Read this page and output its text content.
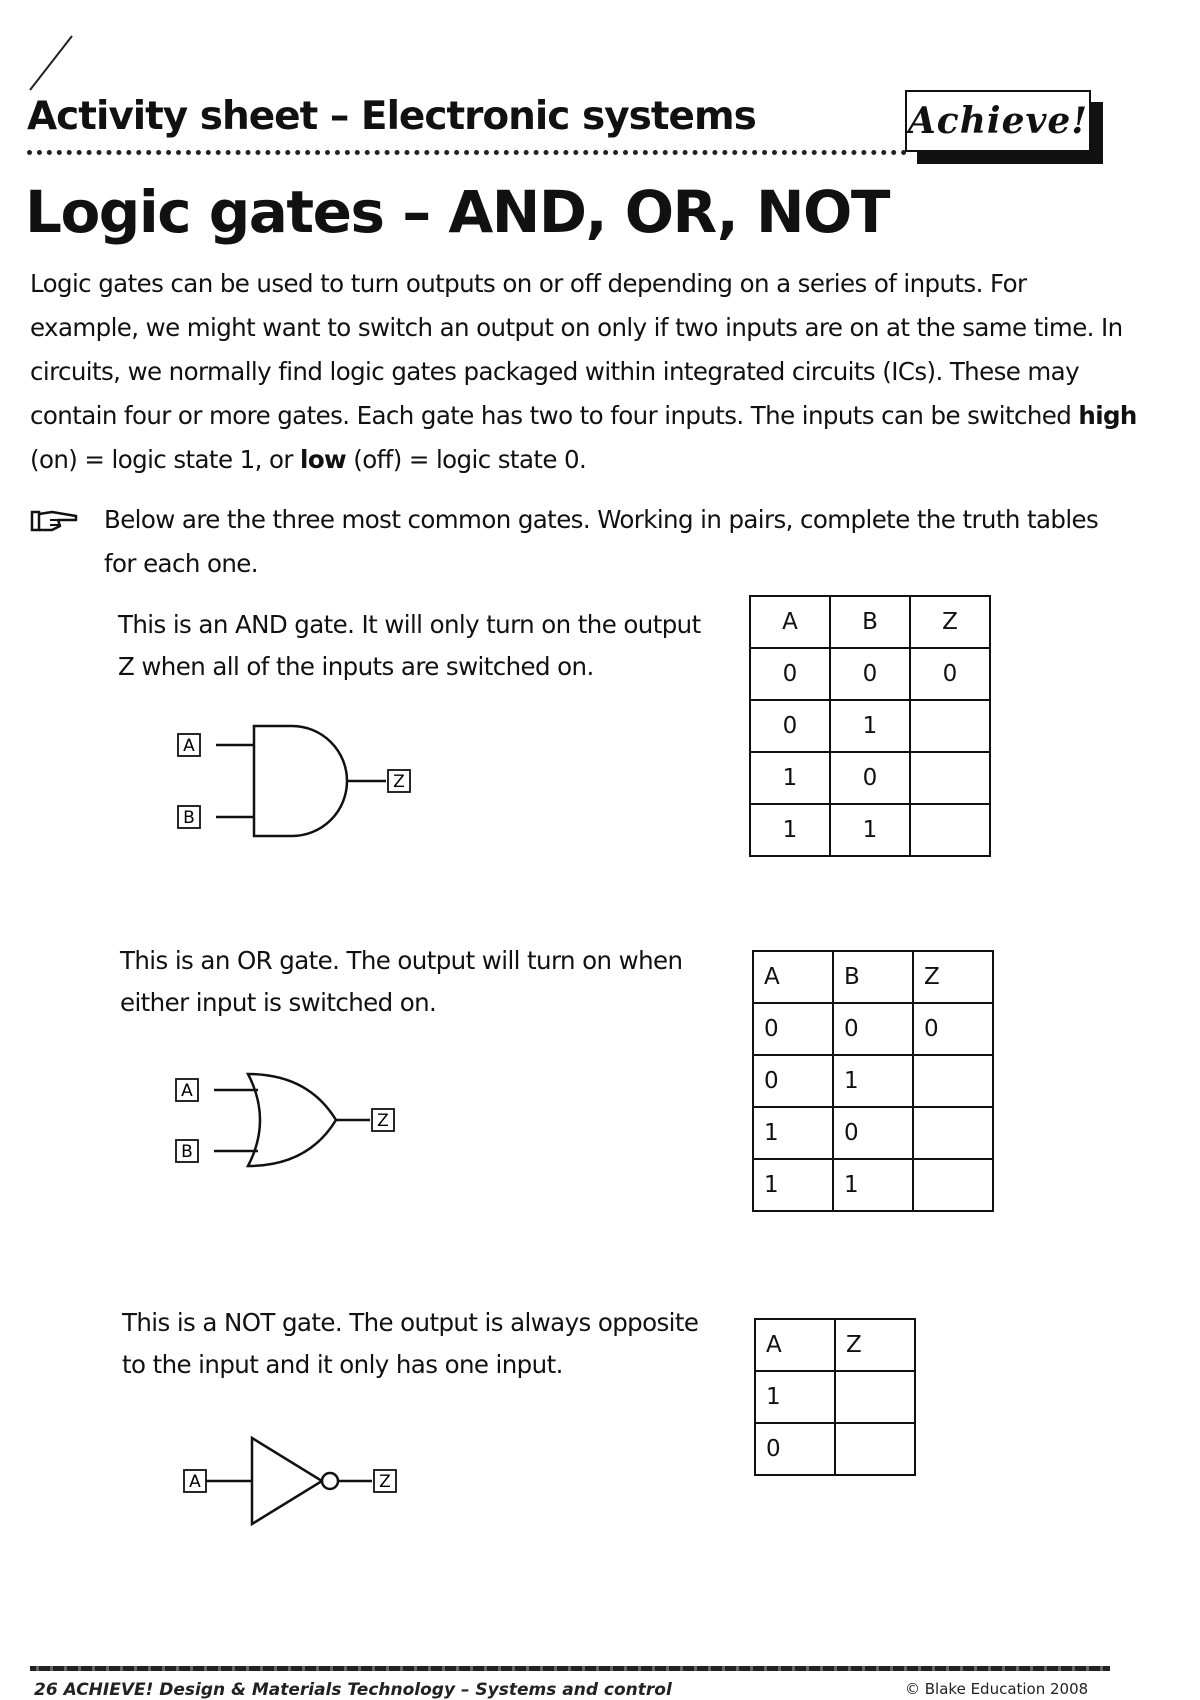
Activity sheet – Electronic systems	Achieve!
Logic gates – AND, OR, NOT

Logic gates can be used to turn outputs on or off depending on a series of inputs. For example, we might want to switch an output on only if two inputs are on at the same time. In circuits, we normally find logic gates packaged within integrated circuits (ICs). These may contain four or more gates. Each gate has two to four inputs. The inputs can be switched high (on) = logic state 1, or low (off) = logic state 0.

Below are the three most common gates. Working in pairs, complete the truth tables for each one.

This is an AND gate. It will only turn on the output Z when all of the inputs are switched on.

A
B
Z
A	B	Z
0	0	0
0	1	
1	0	
1	1	

This is an OR gate. The output will turn on when either input is switched on.

A
B
Z
A	B	Z
0	0	0
0	1	
1	0	
1	1	

This is a NOT gate. The output is always opposite to the input and it only has one input.

A	Z
A	Z
1	
0	
26 ACHIEVE! Design & Materials Technology – Systems and control	© Blake Education 2008
